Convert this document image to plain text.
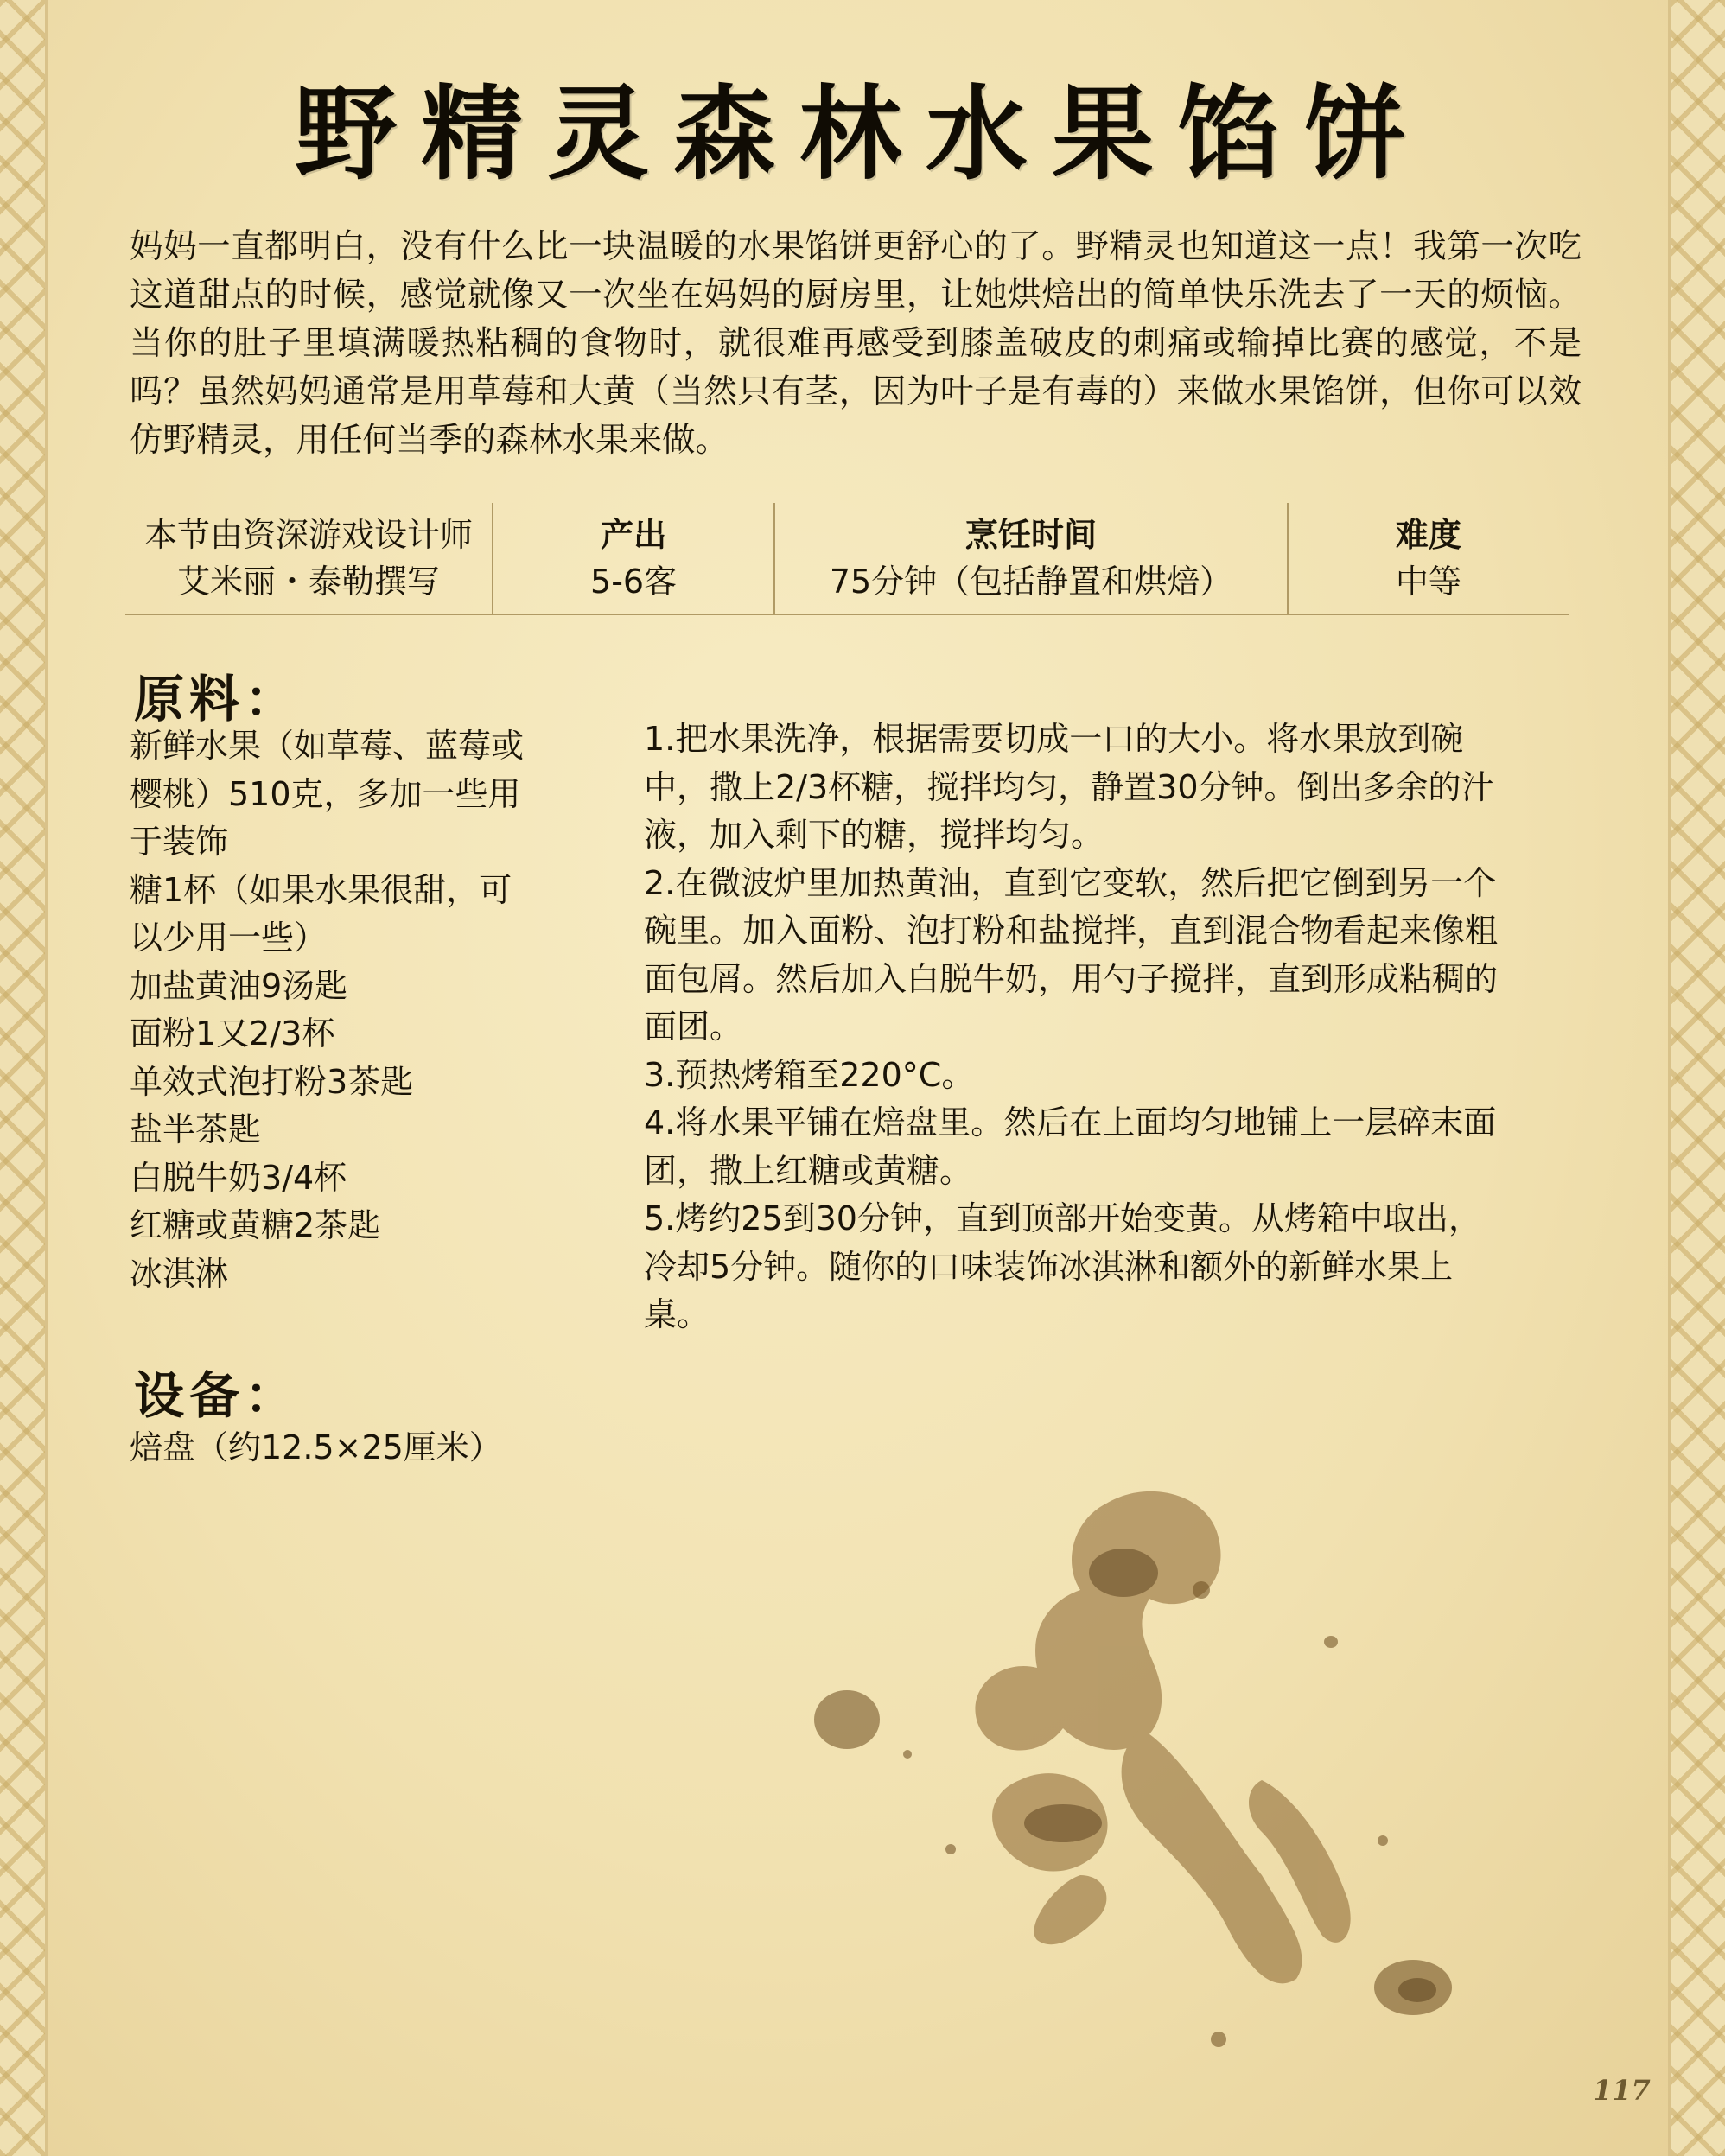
野精灵森林水果馅饼

妈妈一直都明白，没有什么比一块温暖的水果馅饼更舒心的了。野精灵也知道这一点！我第一次吃这道甜点的时候，感觉就像又一次坐在妈妈的厨房里，让她烘焙出的简单快乐洗去了一天的烦恼。当你的肚子里填满暖热粘稠的食物时，就很难再感受到膝盖破皮的刺痛或输掉比赛的感觉，不是吗？虽然妈妈通常是用草莓和大黄（当然只有茎，因为叶子是有毒的）来做水果馅饼，但你可以效仿野精灵，用任何当季的森林水果来做。

本节由资深游戏设计师
艾米丽・泰勒撰写
产出
5-6客
烹饪时间
75分钟（包括静置和烘焙）
难度
中等
原料：
新鲜水果（如草莓、蓝莓或
樱桃）510克，多加一些用
于装饰
糖1杯（如果水果很甜，可
以少用一些）
加盐黄油9汤匙
面粉1又2/3杯
单效式泡打粉3茶匙
盐半茶匙
白脱牛奶3/4杯
红糖或黄糖2茶匙
冰淇淋
设备：

焙盘（约12.5×25厘米）

1.把水果洗净，根据需要切成一口的大小。将水果放到碗
中，撒上2/3杯糖，搅拌均匀，静置30分钟。倒出多余的汁
液，加入剩下的糖，搅拌均匀。
2.在微波炉里加热黄油，直到它变软，然后把它倒到另一个
碗里。加入面粉、泡打粉和盐搅拌，直到混合物看起来像粗
面包屑。然后加入白脱牛奶，用勺子搅拌，直到形成粘稠的
面团。
3.预热烤箱至220°C。
4.将水果平铺在焙盘里。然后在上面均匀地铺上一层碎末面
团，撒上红糖或黄糖。
5.烤约25到30分钟，直到顶部开始变黄。从烤箱中取出，
冷却5分钟。随你的口味装饰冰淇淋和额外的新鲜水果上
桌。
117
